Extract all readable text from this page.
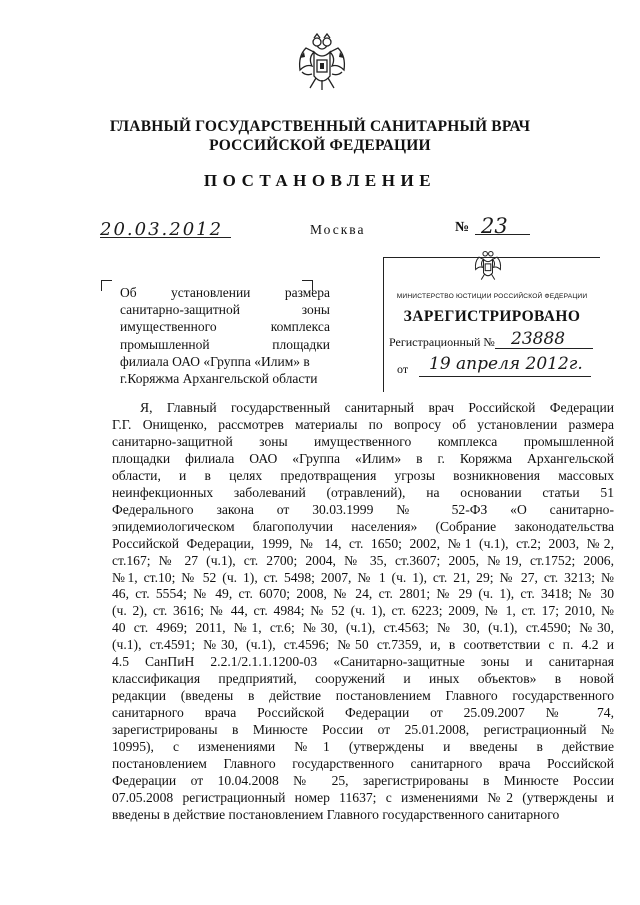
ГЛАВНЫЙ ГОСУДАРСТВЕННЫЙ САНИТАРНЫЙ ВРАЧ
РОССИЙСКОЙ ФЕДЕРАЦИИ
ПОСТАНОВЛЕНИЕ
20.03.2012	Москва	№ 23
Об установлении размера
санитарно-защитной зоны
имущественного комплекса
промышленной площадки
филиала ОАО «Группа «Илим» в
г.Коряжма Архангельской области
МИНИСТЕРСТВО ЮСТИЦИИ РОССИЙСКОЙ ФЕДЕРАЦИИ
ЗАРЕГИСТРИРОВАНО
Регистрационный № 23888
от 19 апреля 2012г.
Я, Главный государственный санитарный врач Российской Федерации
Г.Г. Онищенко, рассмотрев материалы по вопросу об установлении размера
санитарно-защитной зоны имущественного комплекса промышленной
площадки филиала ОАО «Группа «Илим» в г. Коряжма Архангельской
области, и в целях предотвращения угрозы возникновения массовых
неинфекционных заболеваний (отравлений), на основании статьи 51
Федерального закона от 30.03.1999 № 52-ФЗ «О санитарно-
эпидемиологическом благополучии населения» (Собрание законодательства
Российской Федерации, 1999, № 14, ст. 1650; 2002, №1 (ч.1), ст.2; 2003, №2,
ст.167; № 27 (ч.1), ст. 2700; 2004, № 35, ст.3607; 2005, №19, ст.1752; 2006,
№1, ст.10; № 52 (ч. 1), ст. 5498; 2007, № 1 (ч. 1), ст. 21, 29; № 27, ст. 3213; №
46, ст. 5554; № 49, ст. 6070; 2008, № 24, ст. 2801; № 29 (ч. 1), ст. 3418; № 30
(ч. 2), ст. 3616; № 44, ст. 4984; № 52 (ч. 1), ст. 6223; 2009, № 1, ст. 17; 2010, №
40 ст. 4969; 2011, №1, ст.6; №30, (ч.1), ст.4563; № 30, (ч.1), ст.4590; №30,
(ч.1), ст.4591; №30, (ч.1), ст.4596; №50 ст.7359, и, в соответствии с п. 4.2 и
4.5 СанПиН 2.2.1/2.1.1.1200-03 «Санитарно-защитные зоны и санитарная
классификация предприятий, сооружений и иных объектов» в новой
редакции (введены в действие постановлением Главного государственного
санитарного врача Российской Федерации от 25.09.2007 № 74,
зарегистрированы в Минюсте России от 25.01.2008, регистрационный №
10995), с изменениями №1 (утверждены и введены в действие
постановлением Главного государственного санитарного врача Российской
Федерации от 10.04.2008 № 25, зарегистрированы в Минюсте России
07.05.2008 регистрационный номер 11637; с изменениями №2 (утверждены и
введены в действие постановлением Главного государственного санитарного
